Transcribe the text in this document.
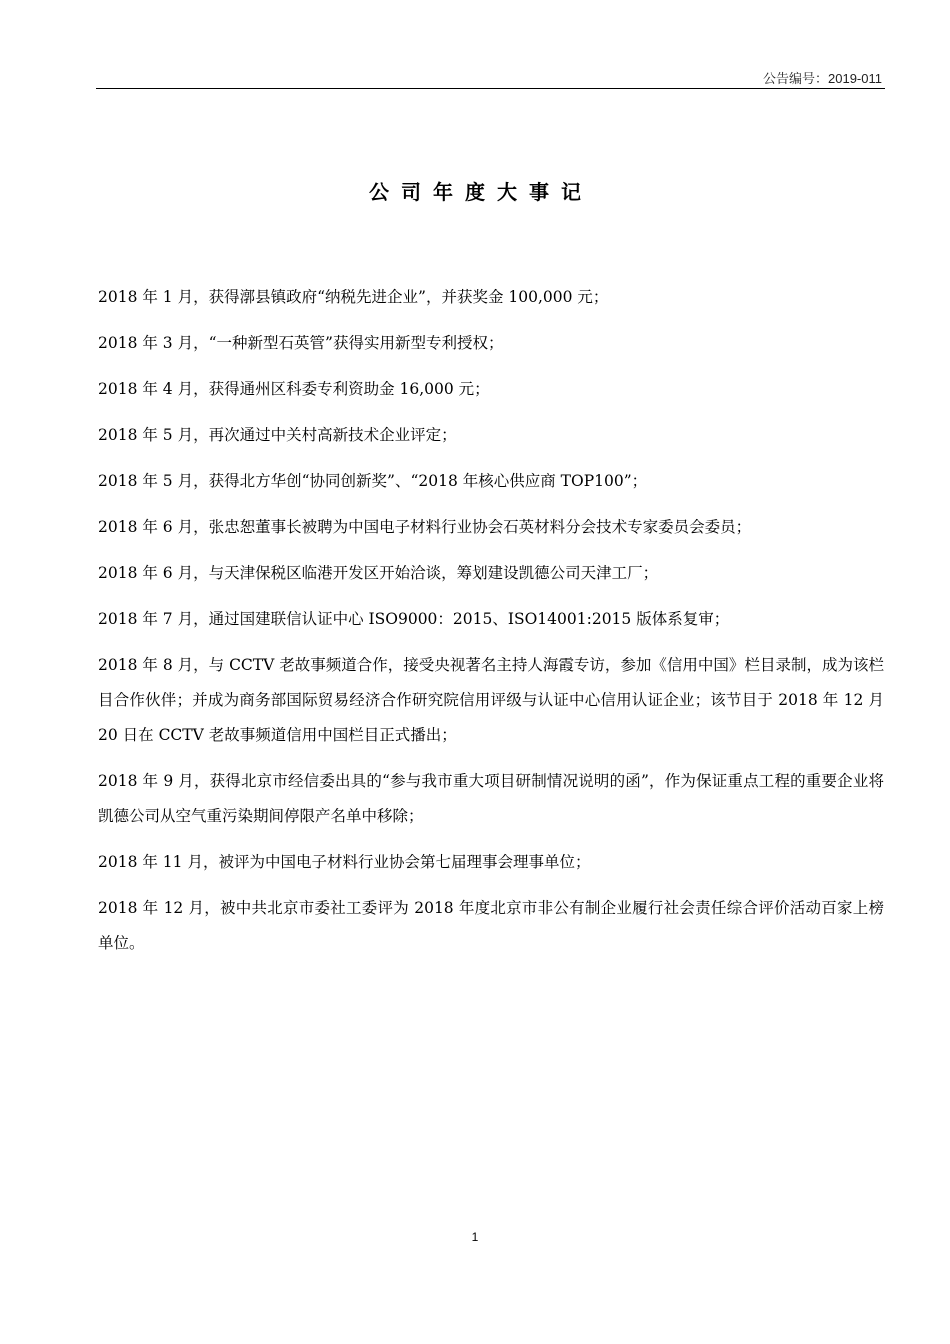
公告编号：2019-011
公司年度大事记

2018 年 1 月，获得漷县镇政府“纳税先进企业”，并获奖金 100,000 元；

2018 年 3 月，“一种新型石英管”获得实用新型专利授权；

2018 年 4 月，获得通州区科委专利资助金 16,000 元；

2018 年 5 月，再次通过中关村高新技术企业评定；

2018 年 5 月，获得北方华创“协同创新奖”、“2018 年核心供应商 TOP100”；

2018 年 6 月，张忠恕董事长被聘为中国电子材料行业协会石英材料分会技术专家委员会委员；

2018 年 6 月，与天津保税区临港开发区开始洽谈，筹划建设凯德公司天津工厂；

2018 年 7 月，通过国建联信认证中心 ISO9000：2015、ISO14001:2015 版体系复审；

2018 年 8 月，与 CCTV 老故事频道合作，接受央视著名主持人海霞专访，参加《信用中国》栏目录制，成为该栏目合作伙伴；并成为商务部国际贸易经济合作研究院信用评级与认证中心信用认证企业；该节目于 2018 年 12 月 20 日在 CCTV 老故事频道信用中国栏目正式播出；

2018 年 9 月，获得北京市经信委出具的“参与我市重大项目研制情况说明的函”，作为保证重点工程的重要企业将凯德公司从空气重污染期间停限产名单中移除；

2018 年 11 月，被评为中国电子材料行业协会第七届理事会理事单位；

2018 年 12 月，被中共北京市委社工委评为 2018 年度北京市非公有制企业履行社会责任综合评价活动百家上榜单位。

1
